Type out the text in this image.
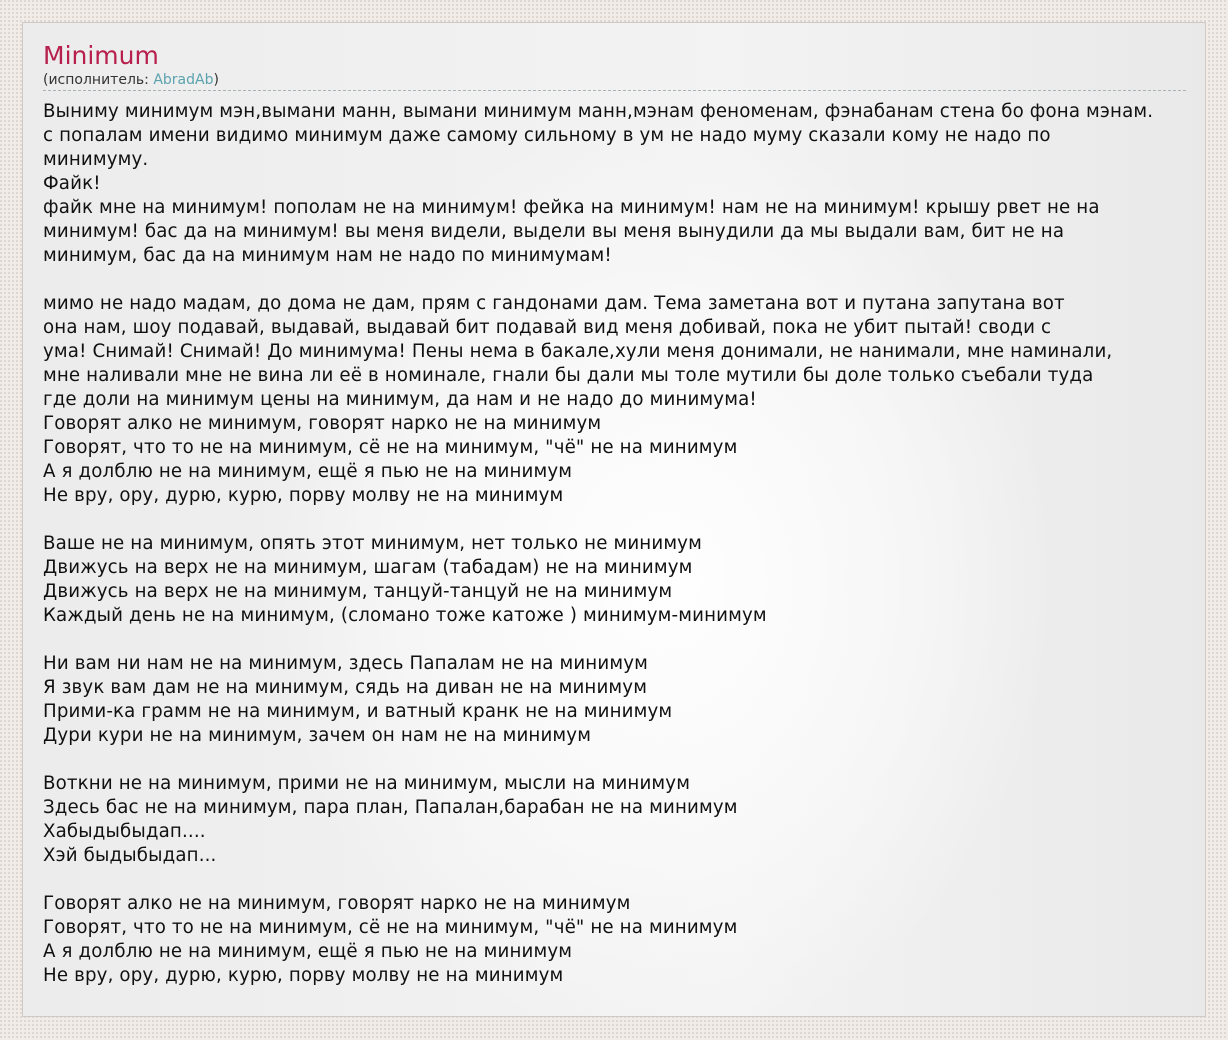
Minimum
(исполнитель: AbradAb)
Выниму минимум мэн,вымани манн, вымани минимум манн,мэнам феноменам, фэнабанам стена бо фона мэнам.
с попалам имени видимо минимум даже самому сильному в ум не надо муму сказали кому не надо по
минимуму.
Файк!
файк мне на минимум! пополам не на минимум! фейка на минимум! нам не на минимум! крышу рвет не на
минимум! бас да на минимум! вы меня видели, выдели вы меня вынудили да мы выдали вам, бит не на
минимум, бас да на минимум нам не надо по минимумам!
мимо не надо мадам, до дома не дам, прям с гандонами дам. Тема заметана вот и путана запутана вот
она нам, шоу подавай, выдавай, выдавай бит подавай вид меня добивай, пока не убит пытай! своди с
ума! Снимай! Снимай! До минимума! Пены нема в бакале,хули меня донимали, не нанимали, мне наминали,
мне наливали мне не вина ли её в номинале, гнали бы дали мы толе мутили бы доле только съебали туда
где доли на минимум цены на минимум, да нам и не надо до минимума!
Говорят алко не минимум, говорят нарко не на минимум
Говорят, что то не на минимум, сё не на минимум, "чё" не на минимум
А я долблю не на минимум, ещё я пью не на минимум
Не вру, ору, дурю, курю, порву молву не на минимум
Ваше не на минимум, опять этот минимум, нет только не минимум
Движусь на верх не на минимум, шагам (табадам) не на минимум
Движусь на верх не на минимум, танцуй-танцуй не на минимум
Каждый день не на минимум, (сломано тоже катоже ) минимум-минимум
Ни вам ни нам не на минимум, здесь Папалам не на минимум
Я звук вам дам не на минимум, сядь на диван не на минимум
Прими-ка грамм не на минимум, и ватный кранк не на минимум
Дури кури не на минимум, зачем он нам не на минимум
Воткни не на минимум, прими не на минимум, мысли на минимум
Здесь бас не на минимум, пара план, Папалан,барабан не на минимум
Хабыдыбыдап....
Хэй быдыбыдап...
Говорят алко не на минимум, говорят нарко не на минимум
Говорят, что то не на минимум, сё не на минимум, "чё" не на минимум
А я долблю не на минимум, ещё я пью не на минимум
Не вру, ору, дурю, курю, порву молву не на минимум
